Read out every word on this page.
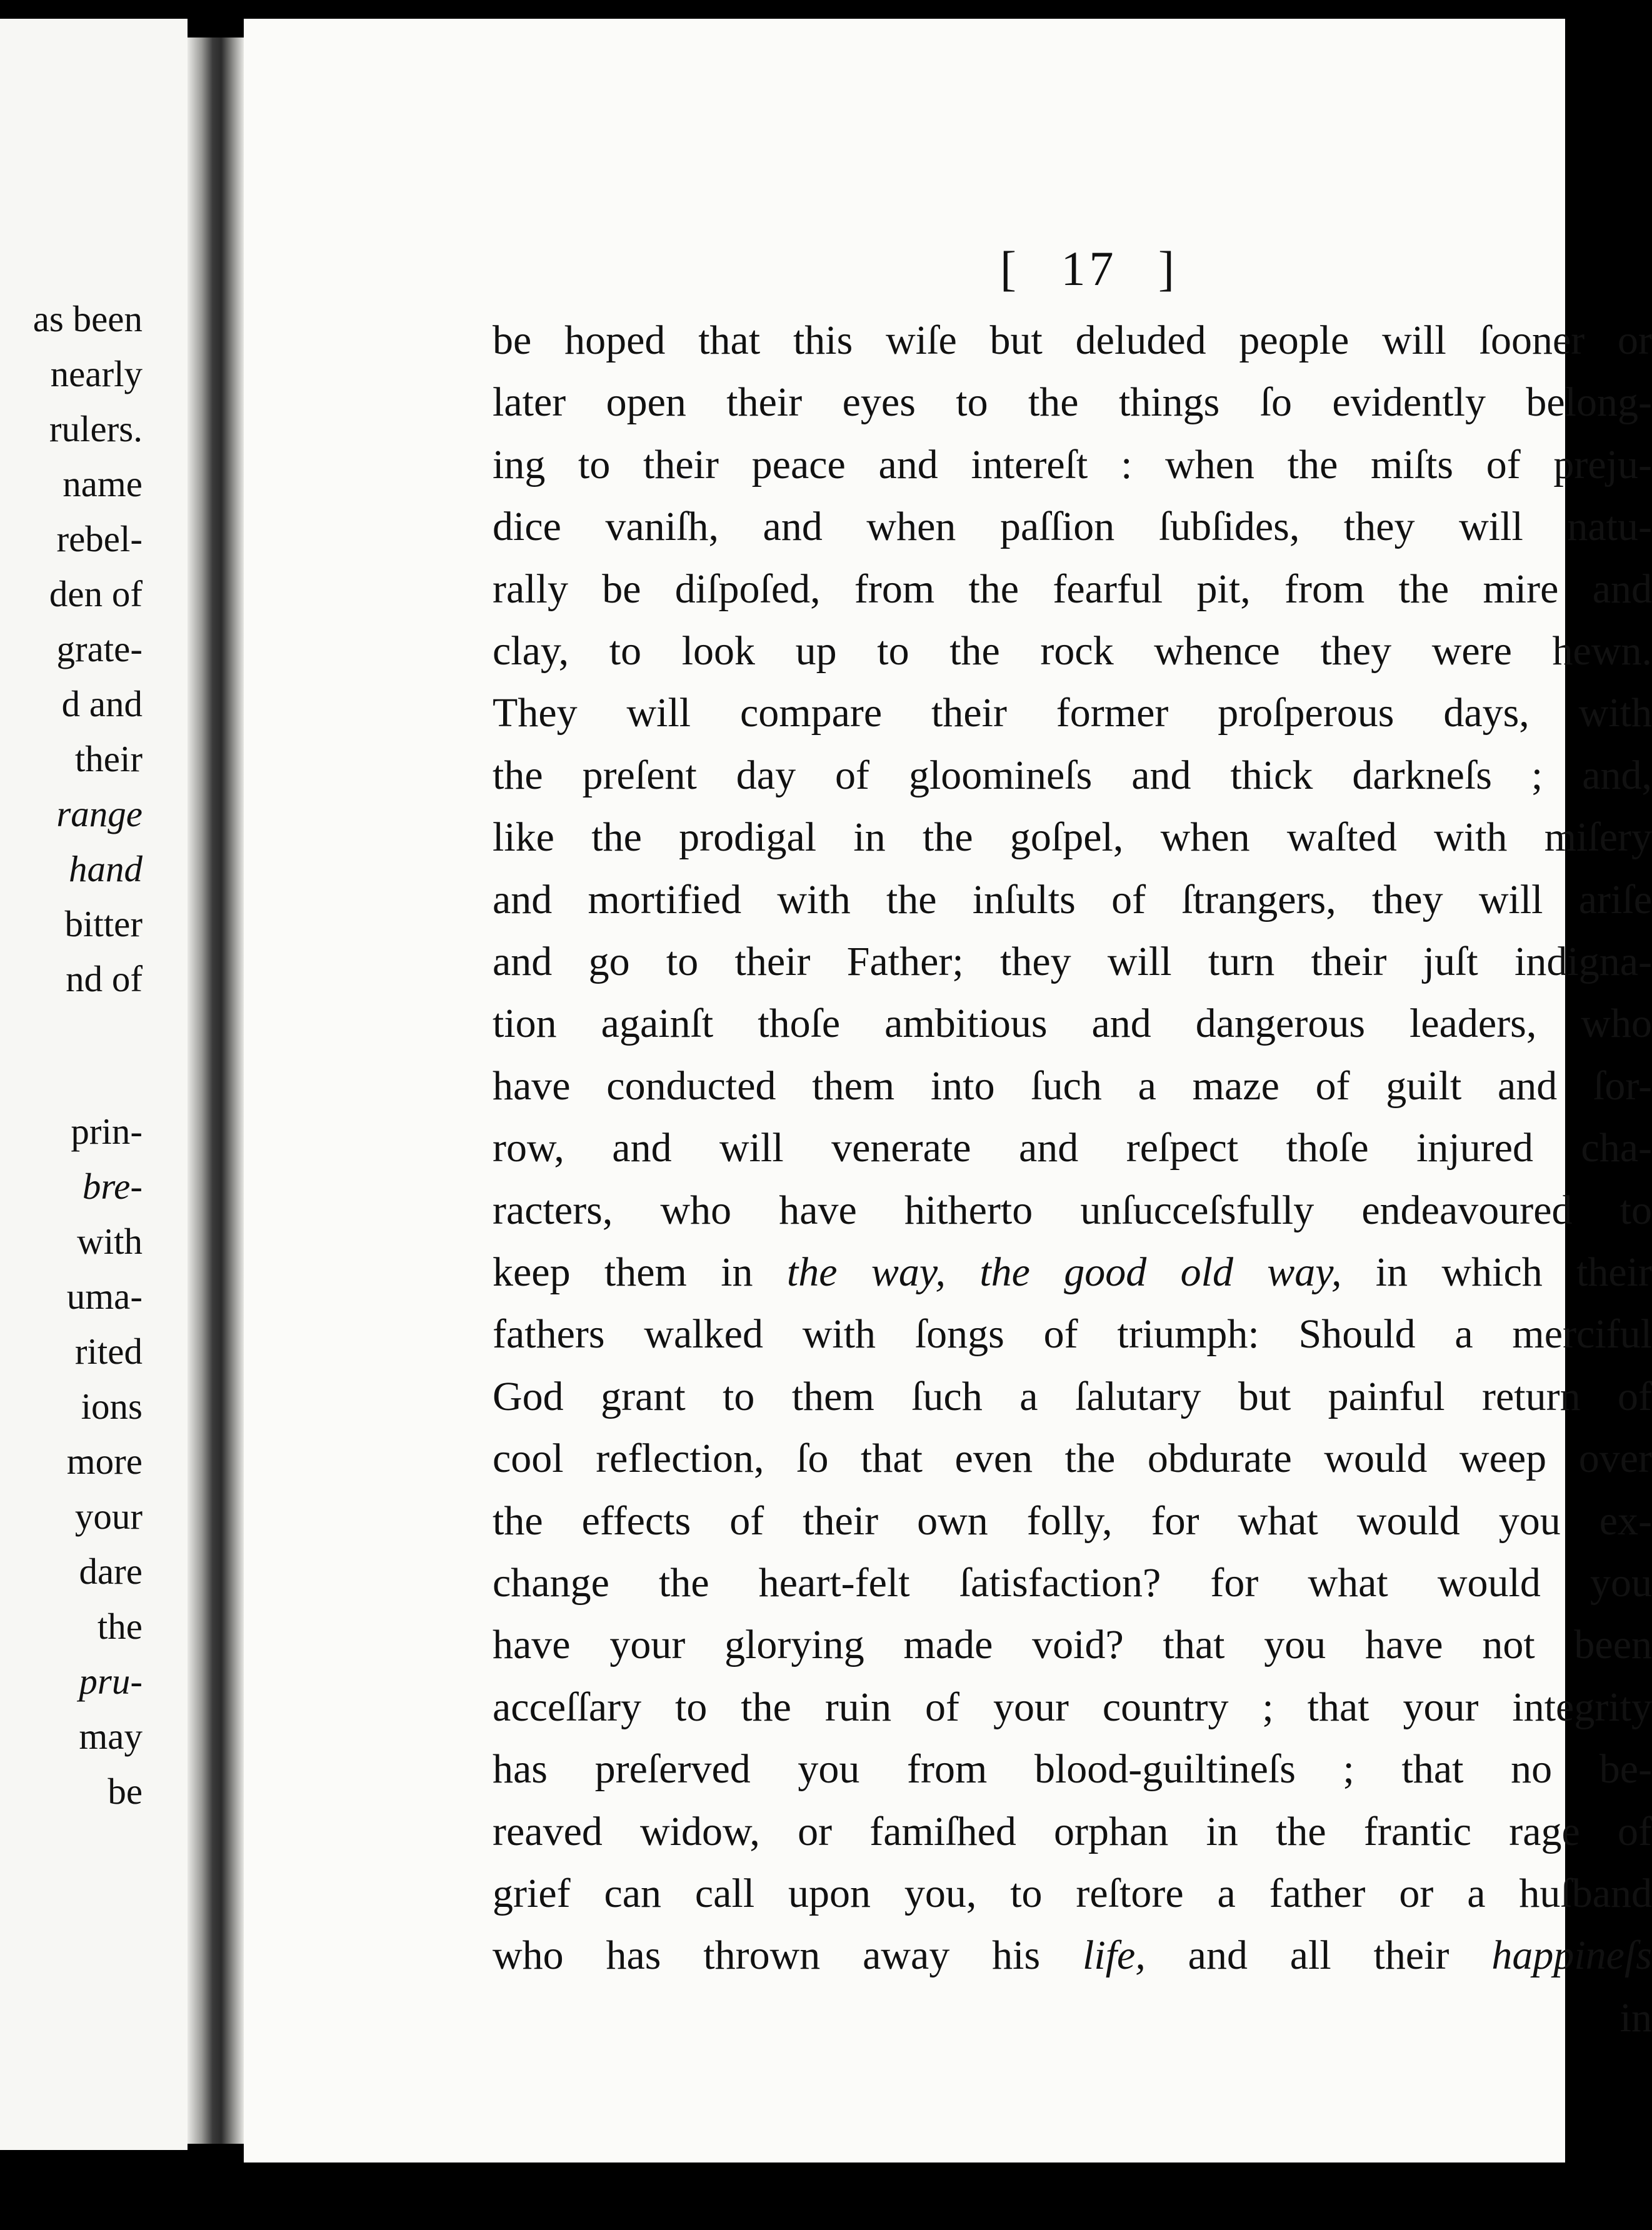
as been
nearly
rulers.
name
rebel-
den of
grate-
d and
their
range
hand
bitter
nd of
prin-
bre-
with
uma-
rited
ions
more
your
dare
the
pru-
may
be
[ 17 ]
be hoped that this wiſe but deluded people will ſooner or
later open their eyes to the things ſo evidently belong-
ing to their peace and intereſt : when the miſts of preju-
dice vaniſh, and when paſſion ſubſides, they will natu-
rally be diſpoſed, from the fearful pit, from the mire and
clay, to look up to the rock whence they were hewn.
They will compare their former proſperous days, with
the preſent day of gloomineſs and thick darkneſs ; and,
like the prodigal in the goſpel, when waſted with miſery
and mortified with the inſults of ſtrangers, they will ariſe
and go to their Father; they will turn their juſt indigna-
tion againſt thoſe ambitious and dangerous leaders, who
have conducted them into ſuch a maze of guilt and ſor-
row, and will venerate and reſpect thoſe injured cha-
racters, who have hitherto unſucceſsfully endeavoured to
keep them in the way, the good old way, in which their
fathers walked with ſongs of triumph: Should a merciful
God grant to them ſuch a ſalutary but painful return of
cool reflection, ſo that even the obdurate would weep over
the effects of their own folly, for what would you ex-
change the heart-felt ſatisfaction? for what would you
have your glorying made void? that you have not been
acceſſary to the ruin of your country ; that your integrity
has preſerved you from blood-guiltineſs ; that no be-
reaved widow, or famiſhed orphan in the frantic rage of
grief can call upon you, to reſtore a father or a huſband
who has thrown away his life, and all their happineſs
in
